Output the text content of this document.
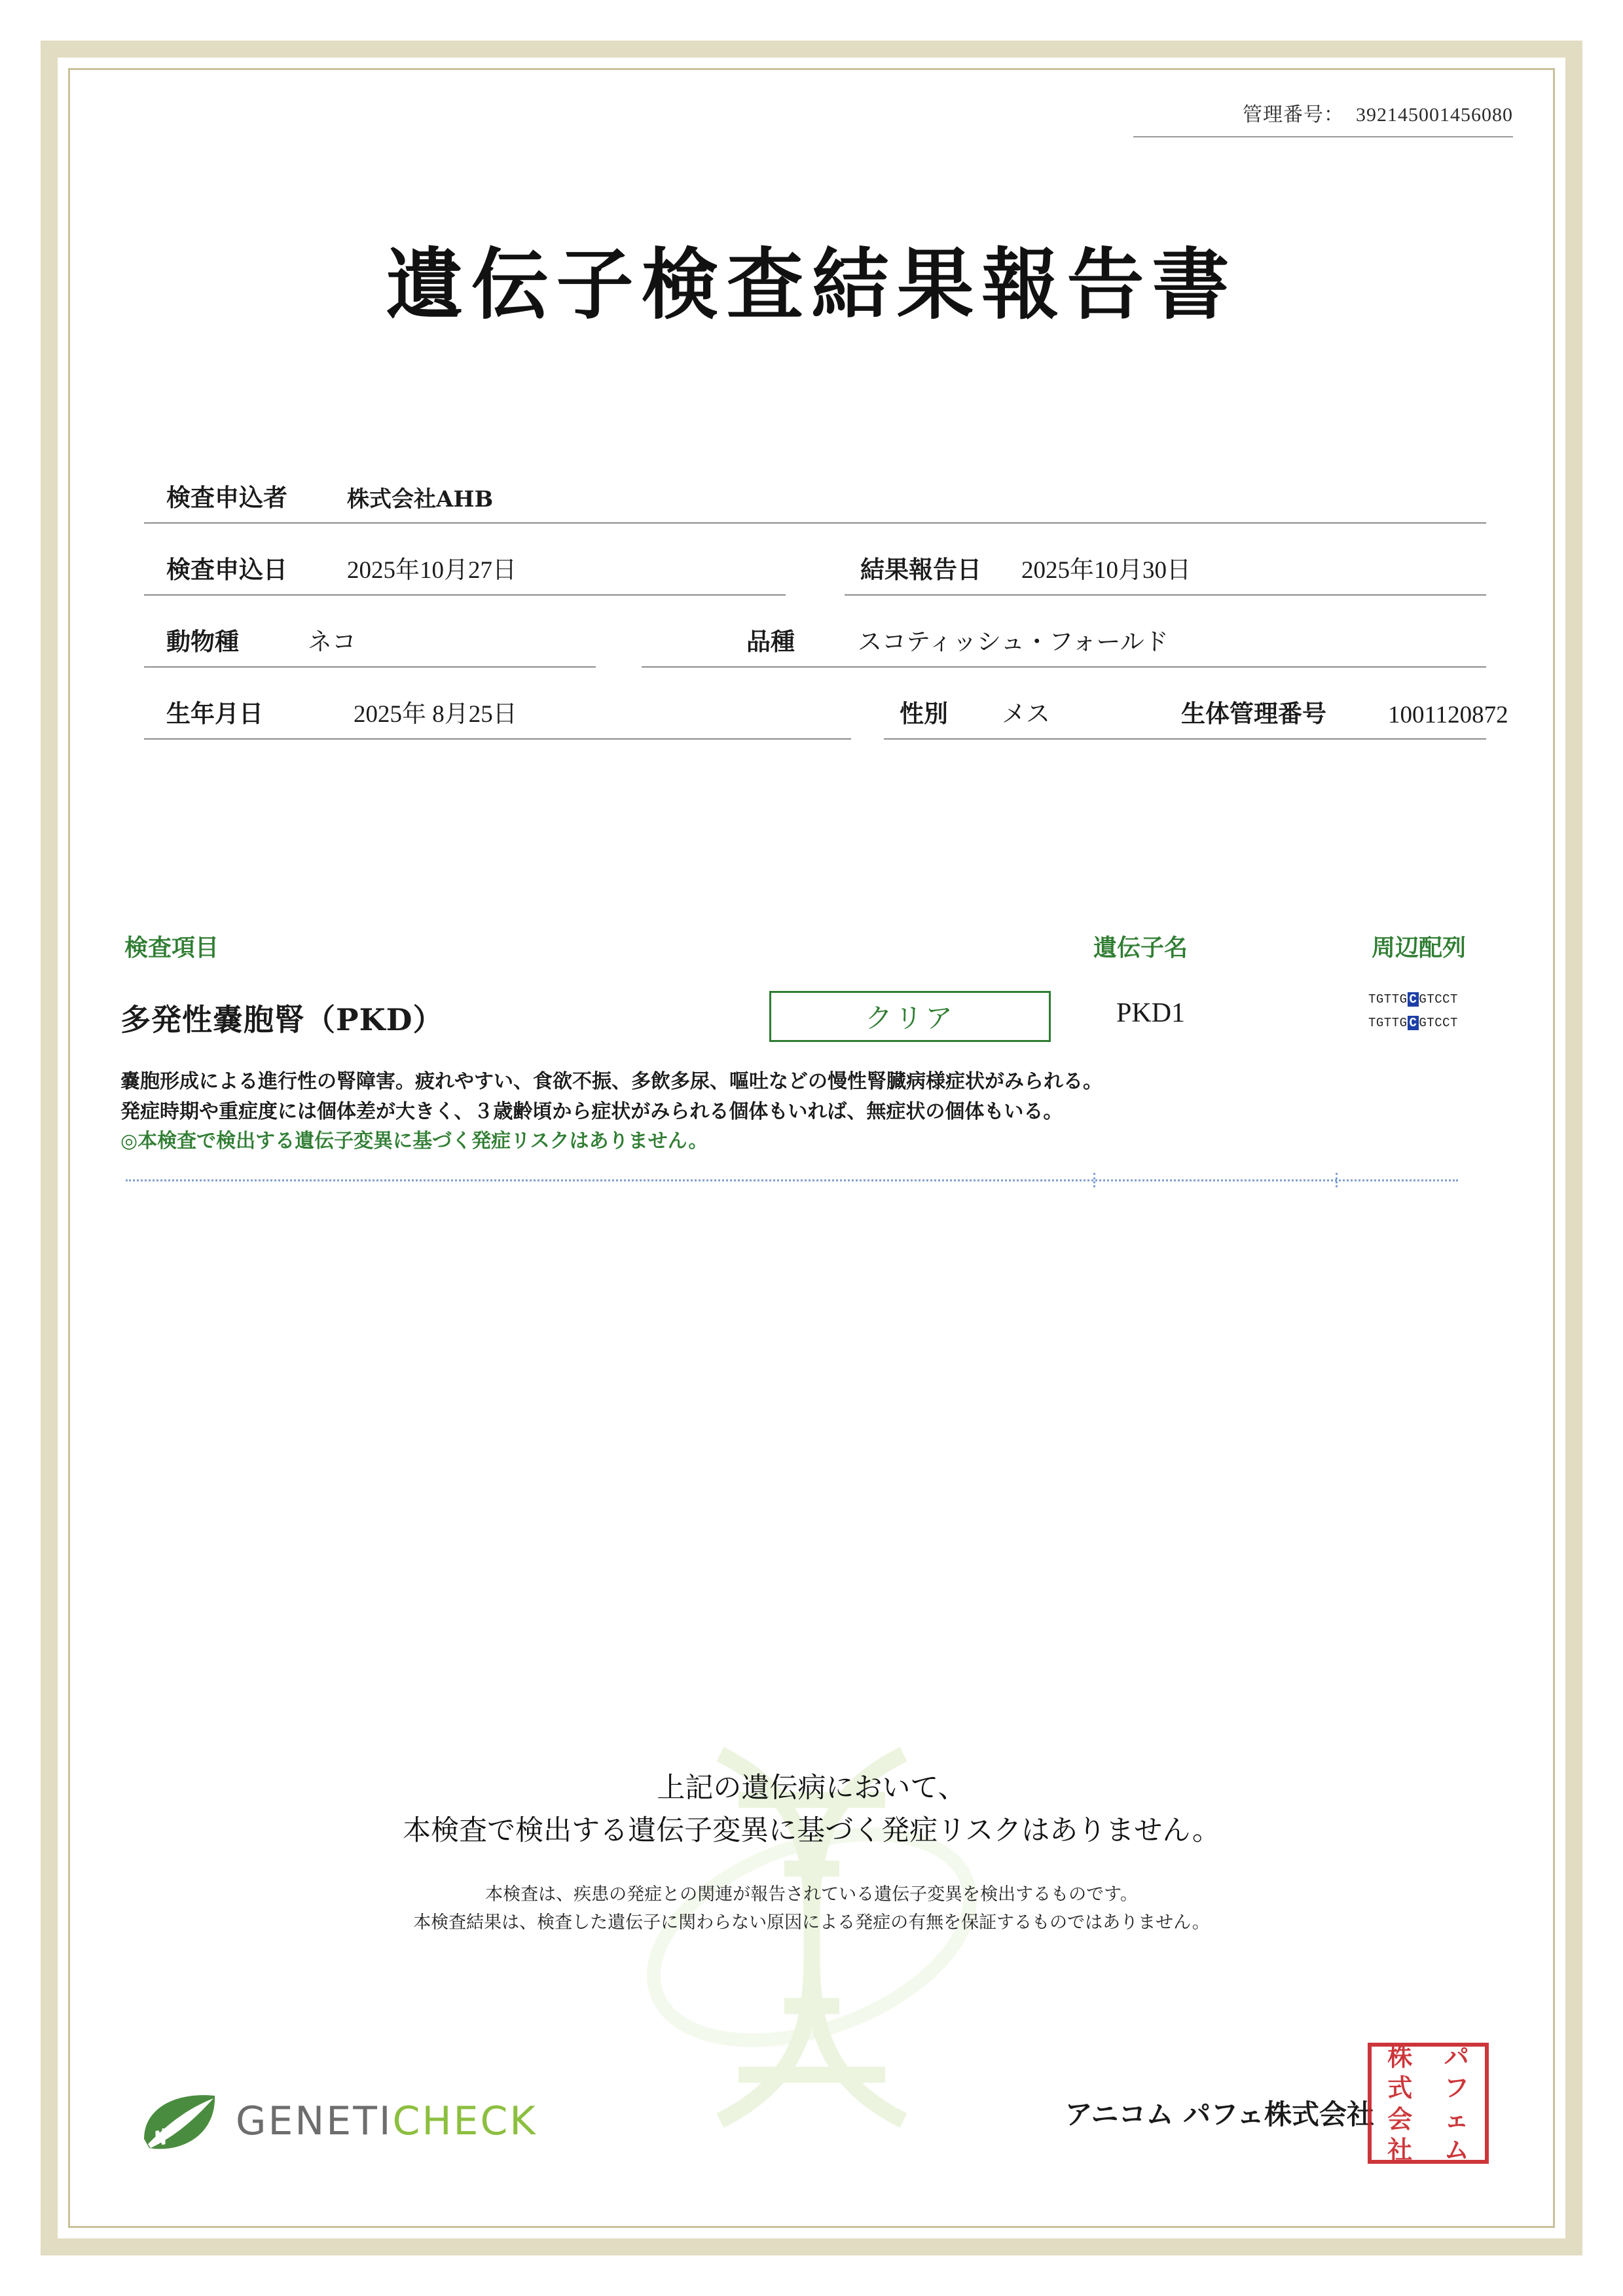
管理番号： 392145001456080
遺伝子検査結果報告書
検査申込者	株式会社AHB
検査申込日 2025年10月27日	結果報告日 2025年10月30日
動物種	ネコ	品種	スコティッシュ・フォールド
生年月日	2025年 8月25日	性別 メス	生体管理番号	1001120872
検査項目	遺伝子名	周辺配列
多発性嚢胞腎（PKD）	クリア	PKD1	TGTTG C GTCCT
TGTTG C GTCCT
嚢胞形成による進行性の腎障害。疲れやすい、食欲不振、多飲多尿、嘔吐などの慢性腎臓病様症状がみられる。
発症時期や重症度には個体差が大きく、３歳齢頃から症状がみられる個体もいれば、無症状の個体もいる。
◎本検査で検出する遺伝子変異に基づく発症リスクはありません。
上記の遺伝病において、
本検査で検出する遺伝子変異に基づく発症リスクはありません。
本検査は、疾患の発症との関連が報告されている遺伝子変異を検出するものです。
本検査結果は、検査した遺伝子に関わらない原因による発症の有無を保証するものではありません。
GENETICHECK	アニコム パフェ株式会社
株	パ
式	フ
会	ェ
社	ム
